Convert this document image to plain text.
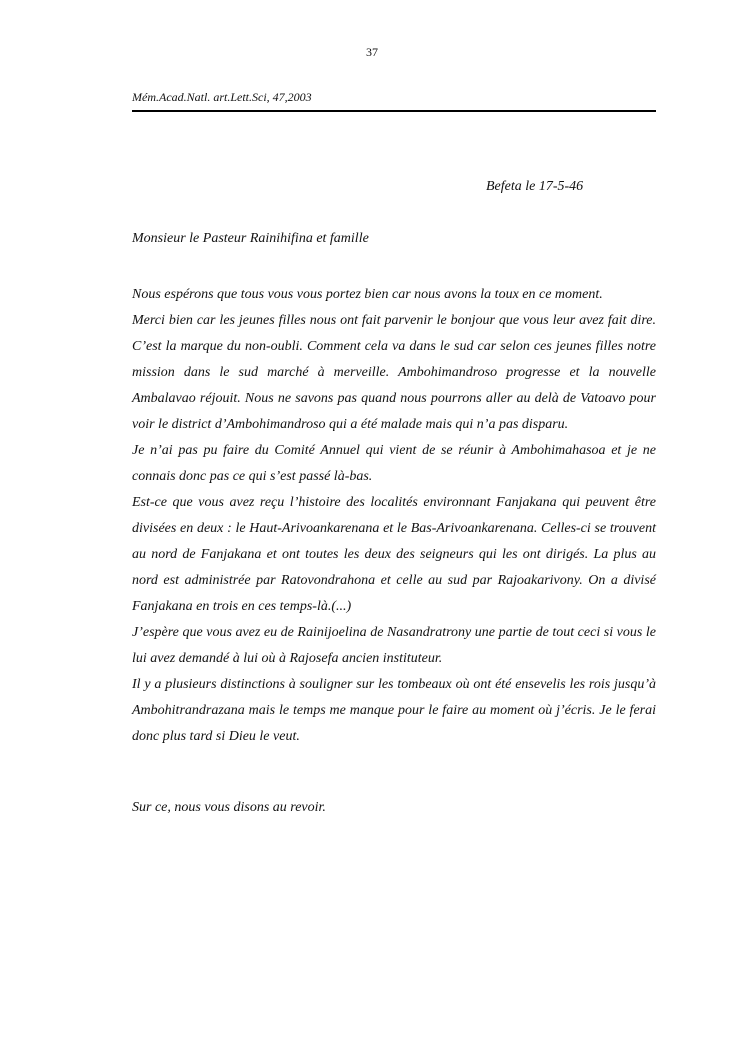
37
Mém.Acad.Natl. art.Lett.Sci, 47,2003
Befeta le 17-5-46
Monsieur le Pasteur Rainihifina et famille

Nous espérons que tous vous vous portez bien car nous avons la toux en ce moment.

Merci bien car les jeunes filles nous ont fait parvenir le bonjour que vous leur avez fait dire. C’est la marque du non-oubli. Comment cela va dans le sud car selon ces jeunes filles notre mission dans le sud marché à merveille. Ambohimandroso progresse et la nouvelle Ambalavao réjouit. Nous ne savons pas quand nous pourrons aller au delà de Vatoavo pour voir le district d’Ambohimandroso qui a été malade mais qui n’a pas disparu.

Je n’ai pas pu faire du Comité Annuel qui vient de se réunir à Ambohimahasoa et je ne connais donc pas ce qui s’est passé là-bas.

Est-ce que vous avez reçu l’histoire des localités environnant Fanjakana qui peuvent être divisées en deux : le Haut-Arivoankarenana et le Bas-Arivoankarenana. Celles-ci se trouvent au nord de Fanjakana et ont toutes les deux des seigneurs qui les ont dirigés. La plus au nord est administrée par Ratovondrahona et celle au sud par Rajoakarivony. On a divisé Fanjakana en trois en ces temps-là.(...)

J’espère que vous avez eu de Rainijoelina de Nasandratrony une partie de tout ceci si vous le lui avez demandé à lui où à Rajosefa ancien instituteur.

Il y a plusieurs distinctions à souligner sur les tombeaux où ont été ensevelis les rois jusqu’à Ambohitrandrazana mais le temps me manque pour le faire au moment où j’écris. Je le ferai donc plus tard si Dieu le veut.

Sur ce, nous vous disons au revoir.
